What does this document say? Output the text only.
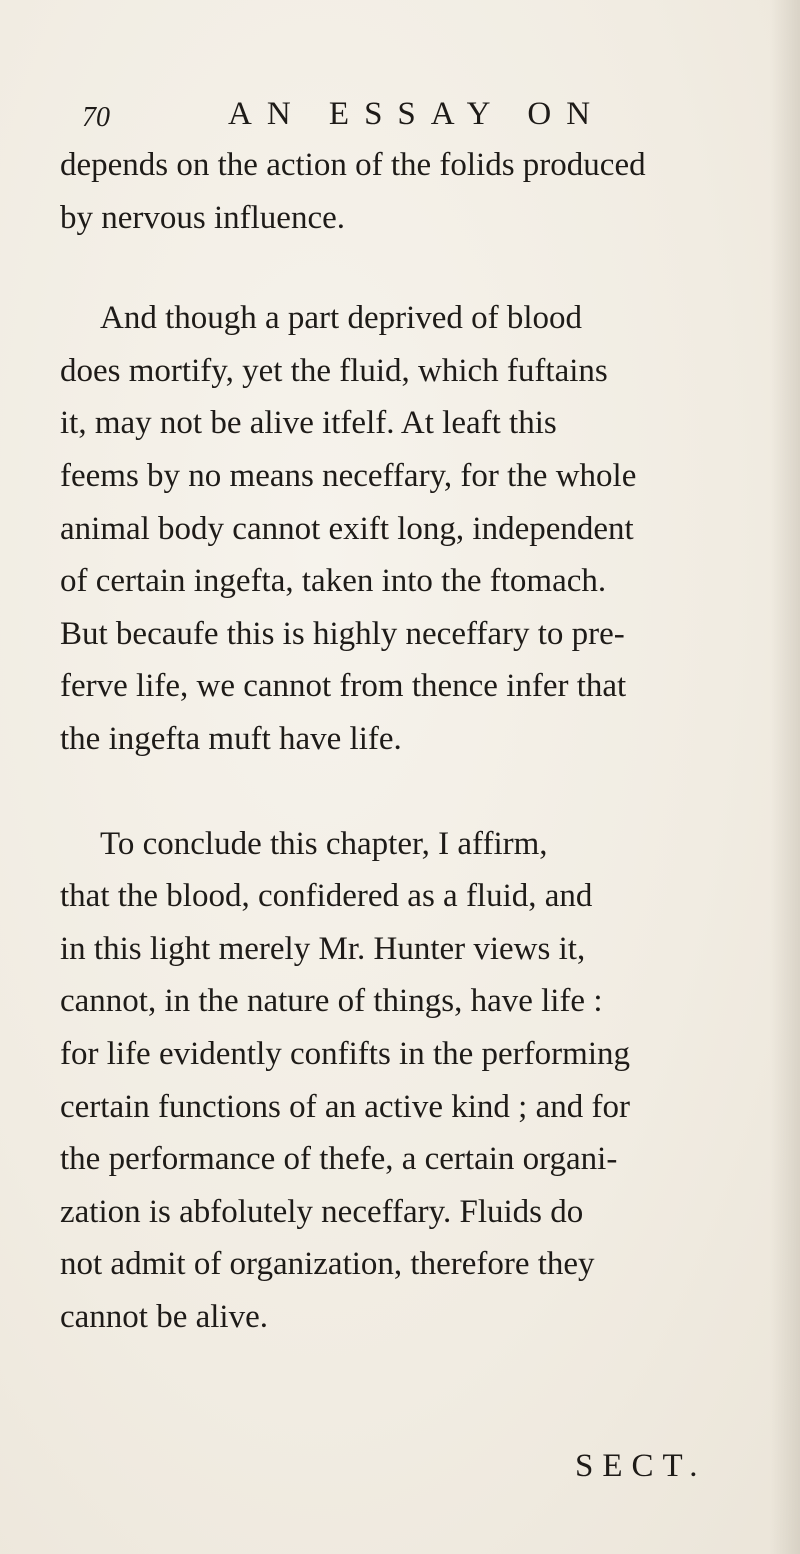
70	AN ESSAY ON
depends on the action of the folids produced
by nervous influence.
And though a part deprived of blood
does mortify, yet the fluid, which fuftains
it, may not be alive itfelf. At leaft this
feems by no means neceffary, for the whole
animal body cannot exift long, independent
of certain ingefta, taken into the ftomach.
But becaufe this is highly neceffary to pre-
ferve life, we cannot from thence infer that
the ingefta muft have life.
To conclude this chapter, I affirm,
that the blood, confidered as a fluid, and
in this light merely Mr. Hunter views it,
cannot, in the nature of things, have life :
for life evidently confifts in the performing
certain functions of an active kind ; and for
the performance of thefe, a certain organi-
zation is abfolutely neceffary. Fluids do
not admit of organization, therefore they
cannot be alive.
SECT.
